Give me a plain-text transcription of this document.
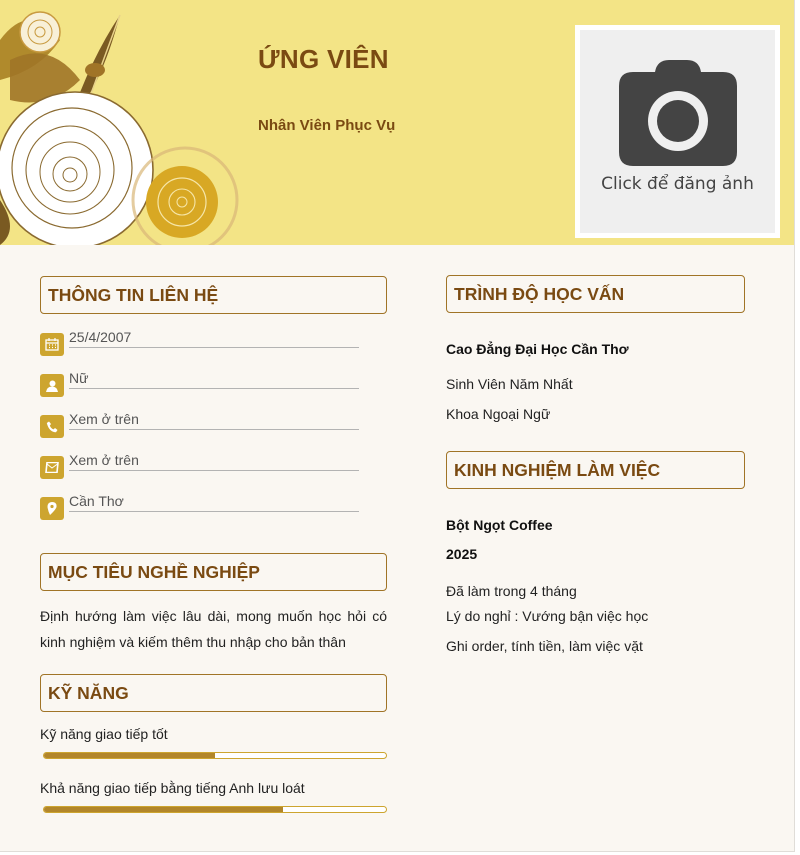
ỨNG VIÊN
Nhân Viên Phục Vụ
Click để đăng ảnh
THÔNG TIN LIÊN HỆ
25/4/2007
Nữ
Xem ở trên
Xem ở trên
Cần Thơ
MỤC TIÊU NGHỀ NGHIỆP
Định hướng làm việc lâu dài, mong muốn học hỏi có kinh nghiệm và kiếm thêm thu nhập cho bản thân
KỸ NĂNG
Kỹ năng giao tiếp tốt
Khả năng giao tiếp bằng tiếng Anh lưu loát
TRÌNH ĐỘ HỌC VẤN
Cao Đẳng Đại Học Cần Thơ
Sinh Viên Năm Nhất
Khoa Ngoại Ngữ
KINH NGHIỆM LÀM VIỆC
Bột Ngọt Coffee
2025
Đã làm trong 4 tháng
Lý do nghỉ : Vướng bận việc học
Ghi order, tính tiền, làm việc vặt
